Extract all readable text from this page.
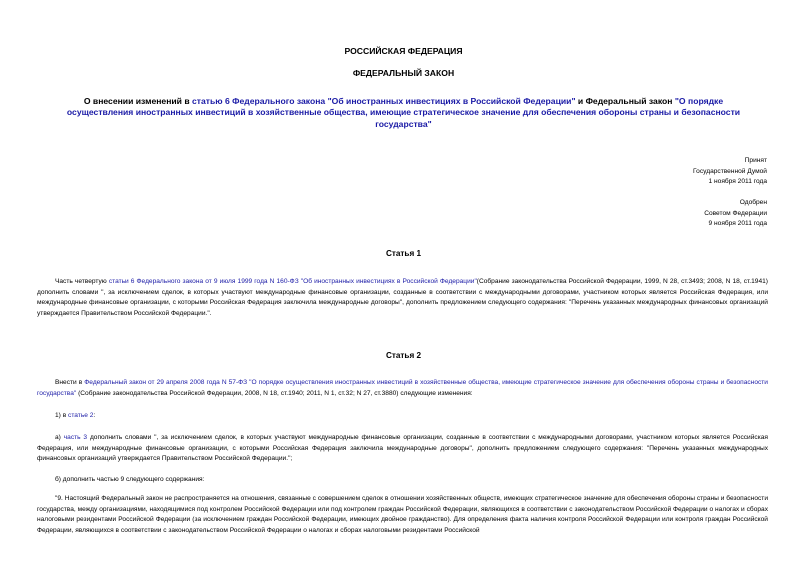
РОССИЙСКАЯ ФЕДЕРАЦИЯ
ФЕДЕРАЛЬНЫЙ ЗАКОН
О внесении изменений в статью 6 Федерального закона "Об иностранных инвестициях в Российской Федерации" и Федеральный закон "О порядке осуществления иностранных инвестиций в хозяйственные общества, имеющие стратегическое значение для обеспечения обороны страны и безопасности государства"
Принят
Государственной Думой
1 ноября 2011 года
Одобрен
Советом Федерации
9 ноября 2011 года
Статья 1
Часть четвертую статьи 6 Федерального закона от 9 июля 1999 года N 160-ФЗ "Об иностранных инвестициях в Российской Федерации"(Собрание законодательства Российской Федерации, 1999, N 28, ст.3493; 2008, N 18, ст.1941) дополнить словами ", за исключением сделок, в которых участвуют международные финансовые организации, созданные в соответствии с международными договорами, участником которых является Российская Федерация, или международные финансовые организации, с которыми Российская Федерация заключила международные договоры", дополнить предложением следующего содержания: "Перечень указанных международных финансовых организаций утверждается Правительством Российской Федерации.".
Статья 2
Внести в Федеральный закон от 29 апреля 2008 года N 57-ФЗ "О порядке осуществления иностранных инвестиций в хозяйственные общества, имеющие стратегическое значение для обеспечения обороны страны и безопасности государства" (Собрание законодательства Российской Федерации, 2008, N 18, ст.1940; 2011, N 1, ст.32; N 27, ст.3880) следующие изменения:
1) в статье 2:
а) часть 3 дополнить словами ", за исключением сделок, в которых участвуют международные финансовые организации, созданные в соответствии с международными договорами, участником которых является Российская Федерация, или международные финансовые организации, с которыми Российская Федерация заключила международные договоры", дополнить предложением следующего содержания: "Перечень указанных международных финансовых организаций утверждается Правительством Российской Федерации.";
б) дополнить частью 9 следующего содержания:
"9. Настоящий Федеральный закон не распространяется на отношения, связанные с совершением сделок в отношении хозяйственных обществ, имеющих стратегическое значение для обеспечения обороны страны и безопасности государства, между организациями, находящимися под контролем Российской Федерации или под контролем граждан Российской Федерации, являющихся в соответствии с законодательством Российской Федерации о налогах и сборах налоговыми резидентами Российской Федерации (за исключением граждан Российской Федерации, имеющих двойное гражданство). Для определения факта наличия контроля Российской Федерации или контроля граждан Российской Федерации, являющихся в соответствии с законодательством Российской Федерации о налогах и сборах налоговыми резидентами Российской
